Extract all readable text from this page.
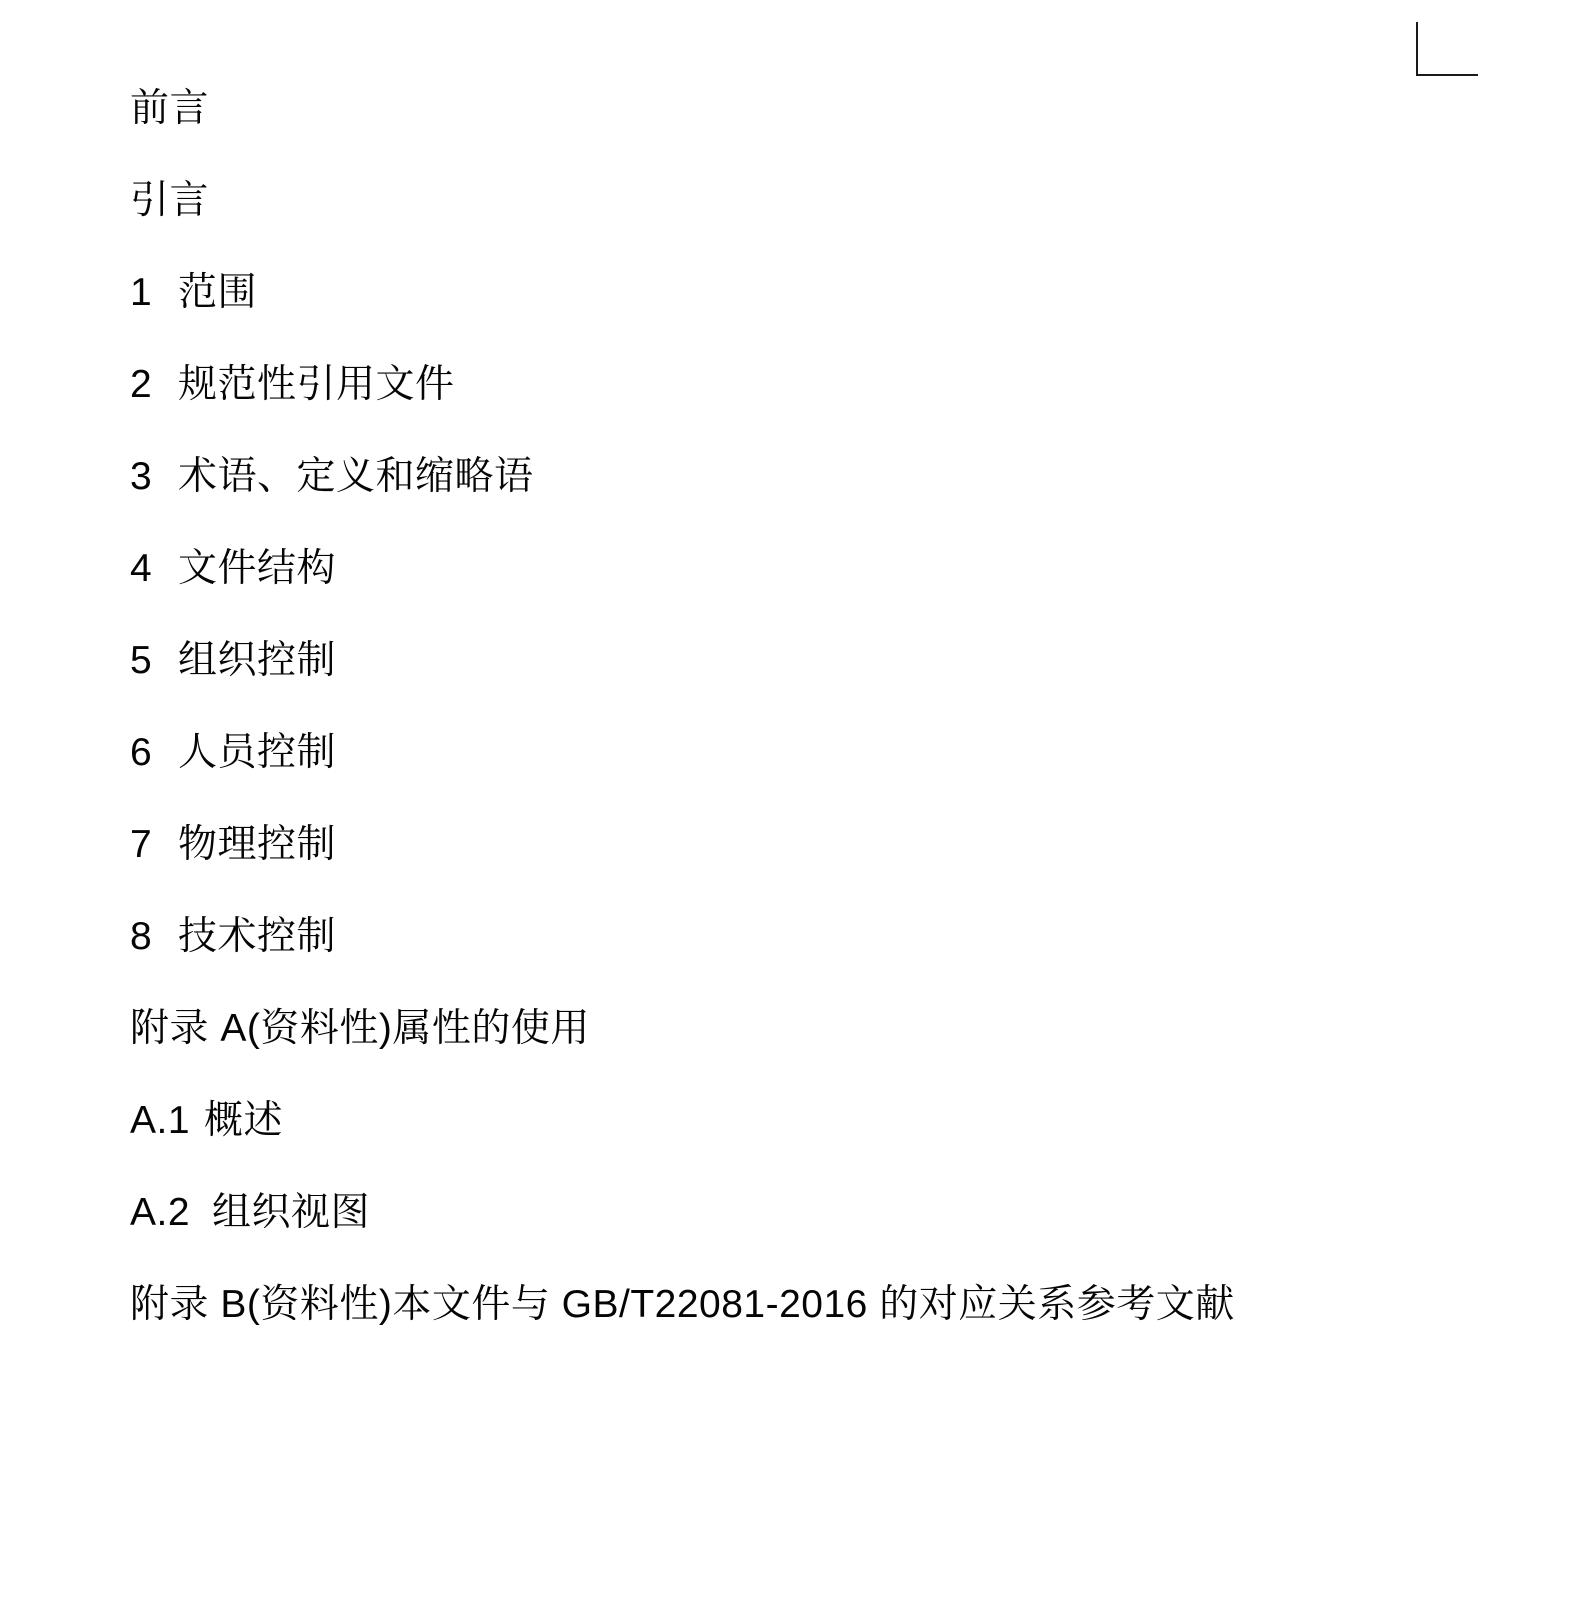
前言
引言
1 范围
2 规范性引用文件
3 术语、定义和缩略语
4 文件结构
5 组织控制
6 人员控制
7 物理控制
8 技术控制
附录 A(资料性)属性的使用
A.1 概述
A.2 组织视图
附录 B(资料性)本文件与 GB/T22081-2016 的对应关系参考文献
